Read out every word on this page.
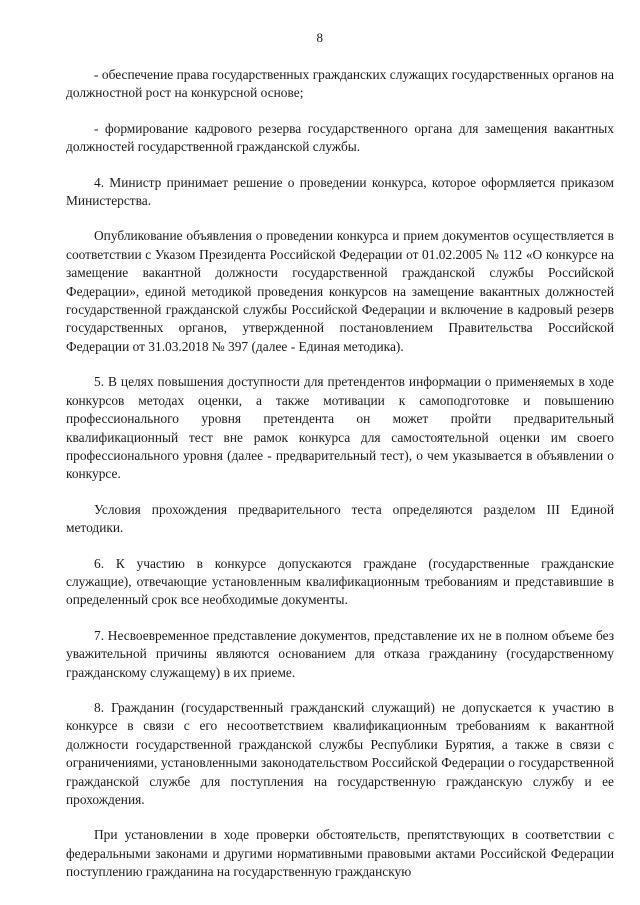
8

- обеспечение права государственных гражданских служащих государственных органов на должностной рост на конкурсной основе;

- формирование кадрового резерва государственного органа для замещения вакантных должностей государственной гражданской службы.

4. Министр принимает решение о проведении конкурса, которое оформляется приказом Министерства.

Опубликование объявления о проведении конкурса и прием документов осуществляется в соответствии с Указом Президента Российской Федерации от 01.02.2005 № 112 «О конкурсе на замещение вакантной должности государственной гражданской службы Российской Федерации», единой методикой проведения конкурсов на замещение вакантных должностей государственной гражданской службы Российской Федерации и включение в кадровый резерв государственных органов, утвержденной постановлением Правительства Российской Федерации от 31.03.2018 № 397 (далее - Единая методика).

5. В целях повышения доступности для претендентов информации о применяемых в ходе конкурсов методах оценки, а также мотивации к самоподготовке и повышению профессионального уровня претендента он может пройти предварительный квалификационный тест вне рамок конкурса для самостоятельной оценки им своего профессионального уровня (далее - предварительный тест), о чем указывается в объявлении о конкурсе.

Условия прохождения предварительного теста определяются разделом III Единой методики.

6. К участию в конкурсе допускаются граждане (государственные гражданские служащие), отвечающие установленным квалификационным требованиям и представившие в определенный срок все необходимые документы.

7. Несвоевременное представление документов, представление их не в полном объеме без уважительной причины являются основанием для отказа гражданину (государственному гражданскому служащему) в их приеме.

8. Гражданин (государственный гражданский служащий) не допускается к участию в конкурсе в связи с его несоответствием квалификационным требованиям к вакантной должности государственной гражданской службы Республики Бурятия, а также в связи с ограничениями, установленными законодательством Российской Федерации о государственной гражданской службе для поступления на государственную гражданскую службу и ее прохождения.

При установлении в ходе проверки обстоятельств, препятствующих в соответствии с федеральными законами и другими нормативными правовыми актами Российской Федерации поступлению гражданина на государственную гражданскую
